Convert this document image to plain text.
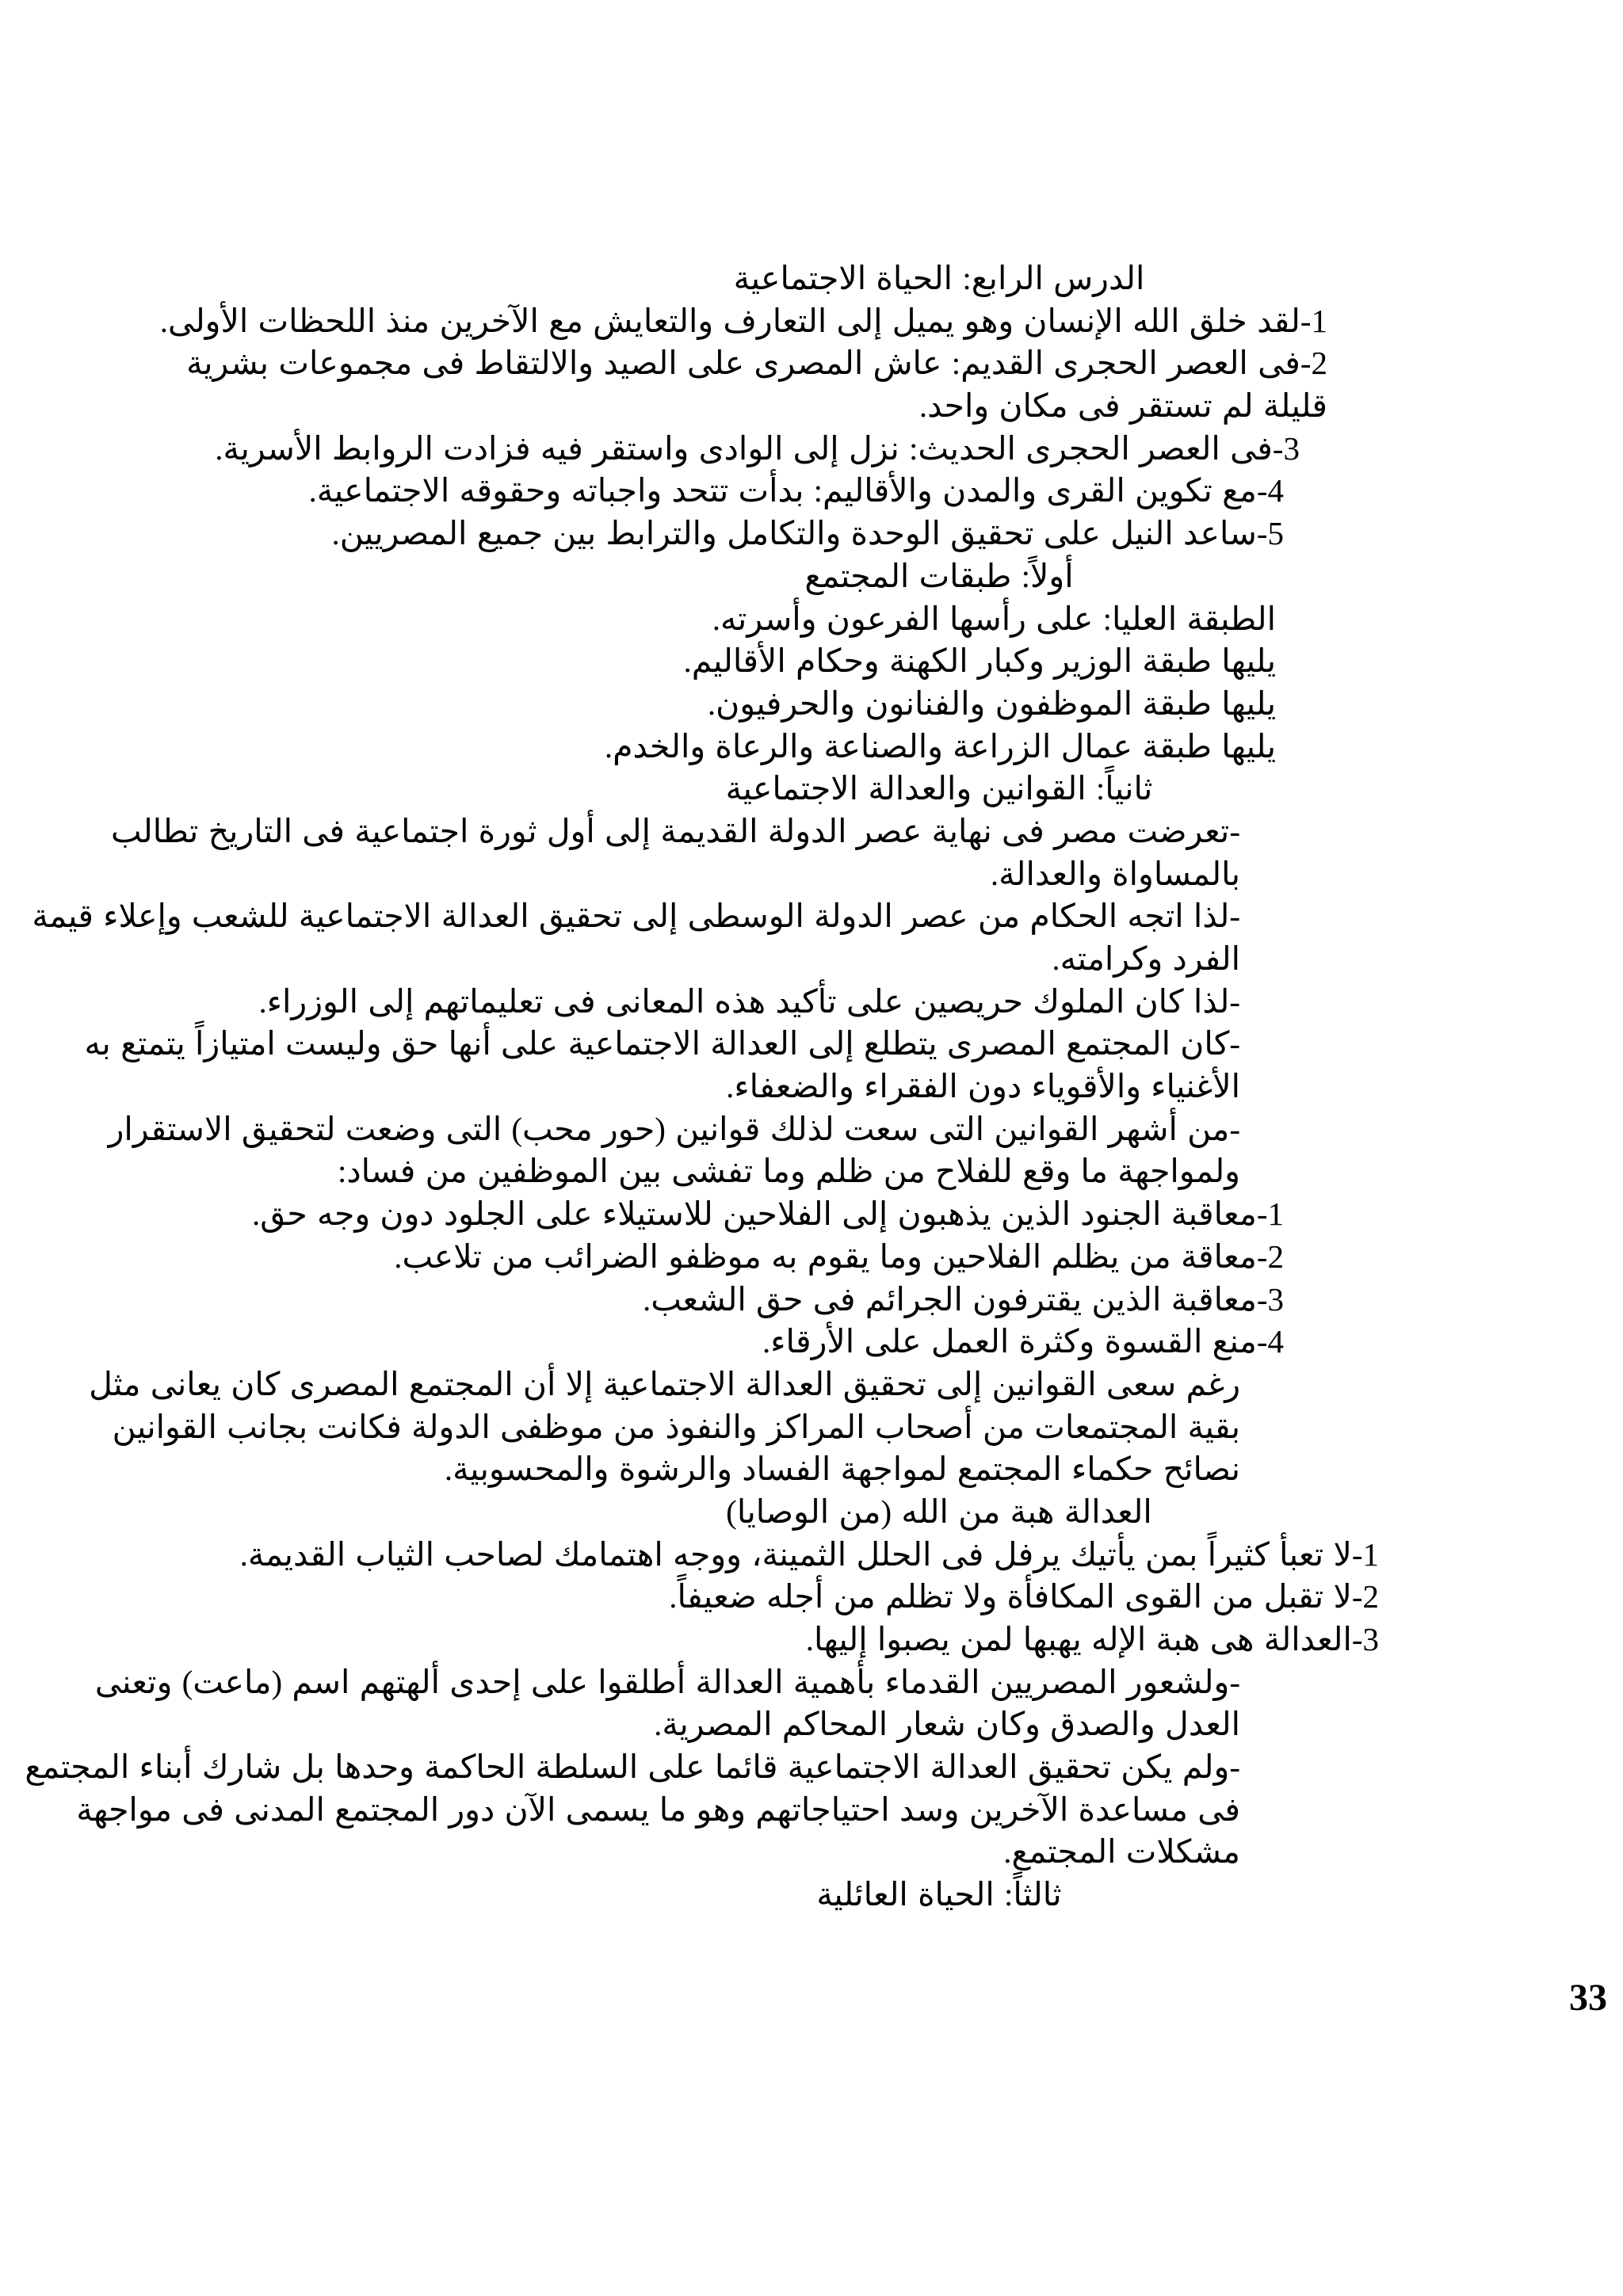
الدرس الرابع: الحياة الاجتماعية
1-لقد خلق الله الإنسان وهو يميل إلى التعارف والتعايش مع الآخرين منذ اللحظات الأولى.
2-فى العصر الحجرى القديم: عاش المصرى على الصيد والالتقاط فى مجموعات بشرية
قليلة لم تستقر فى مكان واحد.
3-فى العصر الحجرى الحديث: نزل إلى الوادى واستقر فيه فزادت الروابط الأسرية.
4-مع تكوين القرى والمدن والأقاليم: بدأت تتحد واجباته وحقوقه الاجتماعية.
5-ساعد النيل على تحقيق الوحدة والتكامل والترابط بين جميع المصريين.
أولاً: طبقات المجتمع
الطبقة العليا: على رأسها الفرعون وأسرته.
يليها طبقة الوزير وكبار الكهنة وحكام الأقاليم.
يليها طبقة الموظفون والفنانون والحرفيون.
يليها طبقة عمال الزراعة والصناعة والرعاة والخدم.
ثانياً: القوانين والعدالة الاجتماعية
-تعرضت مصر فى نهاية عصر الدولة القديمة إلى أول ثورة اجتماعية فى التاريخ تطالب
بالمساواة والعدالة.
-لذا اتجه الحكام من عصر الدولة الوسطى إلى تحقيق العدالة الاجتماعية للشعب وإعلاء قيمة
الفرد وكرامته.
-لذا كان الملوك حريصين على تأكيد هذه المعانى فى تعليماتهم إلى الوزراء.
-كان المجتمع المصرى يتطلع إلى العدالة الاجتماعية على أنها حق وليست امتيازاً يتمتع به
الأغنياء والأقوياء دون الفقراء والضعفاء.
-من أشهر القوانين التى سعت لذلك قوانين (حور محب) التى وضعت لتحقيق الاستقرار
ولمواجهة ما وقع للفلاح من ظلم وما تفشى بين الموظفين من فساد:
1-معاقبة الجنود الذين يذهبون إلى الفلاحين للاستيلاء على الجلود دون وجه حق.
2-معاقة من يظلم الفلاحين وما يقوم به موظفو الضرائب من تلاعب.
3-معاقبة الذين يقترفون الجرائم فى حق الشعب.
4-منع القسوة وكثرة العمل على الأرقاء.
رغم سعى القوانين إلى تحقيق العدالة الاجتماعية إلا أن المجتمع المصرى كان يعانى مثل
بقية المجتمعات من أصحاب المراكز والنفوذ من موظفى الدولة فكانت بجانب القوانين
نصائح حكماء المجتمع لمواجهة الفساد والرشوة والمحسوبية.
العدالة هبة من الله (من الوصايا)
1-لا تعبأ كثيراً بمن يأتيك يرفل فى الحلل الثمينة، ووجه اهتمامك لصاحب الثياب القديمة.
2-لا تقبل من القوى المكافأة ولا تظلم من أجله ضعيفاً.
3-العدالة هى هبة الإله يهبها لمن يصبوا إليها.
-ولشعور المصريين القدماء بأهمية العدالة أطلقوا على إحدى ألهتهم اسم (ماعت) وتعنى
العدل والصدق وكان شعار المحاكم المصرية.
-ولم يكن تحقيق العدالة الاجتماعية قائما على السلطة الحاكمة وحدها بل شارك أبناء المجتمع
فى مساعدة الآخرين وسد احتياجاتهم وهو ما يسمى الآن دور المجتمع المدنى فى مواجهة
مشكلات المجتمع.
ثالثاً: الحياة العائلية
33
